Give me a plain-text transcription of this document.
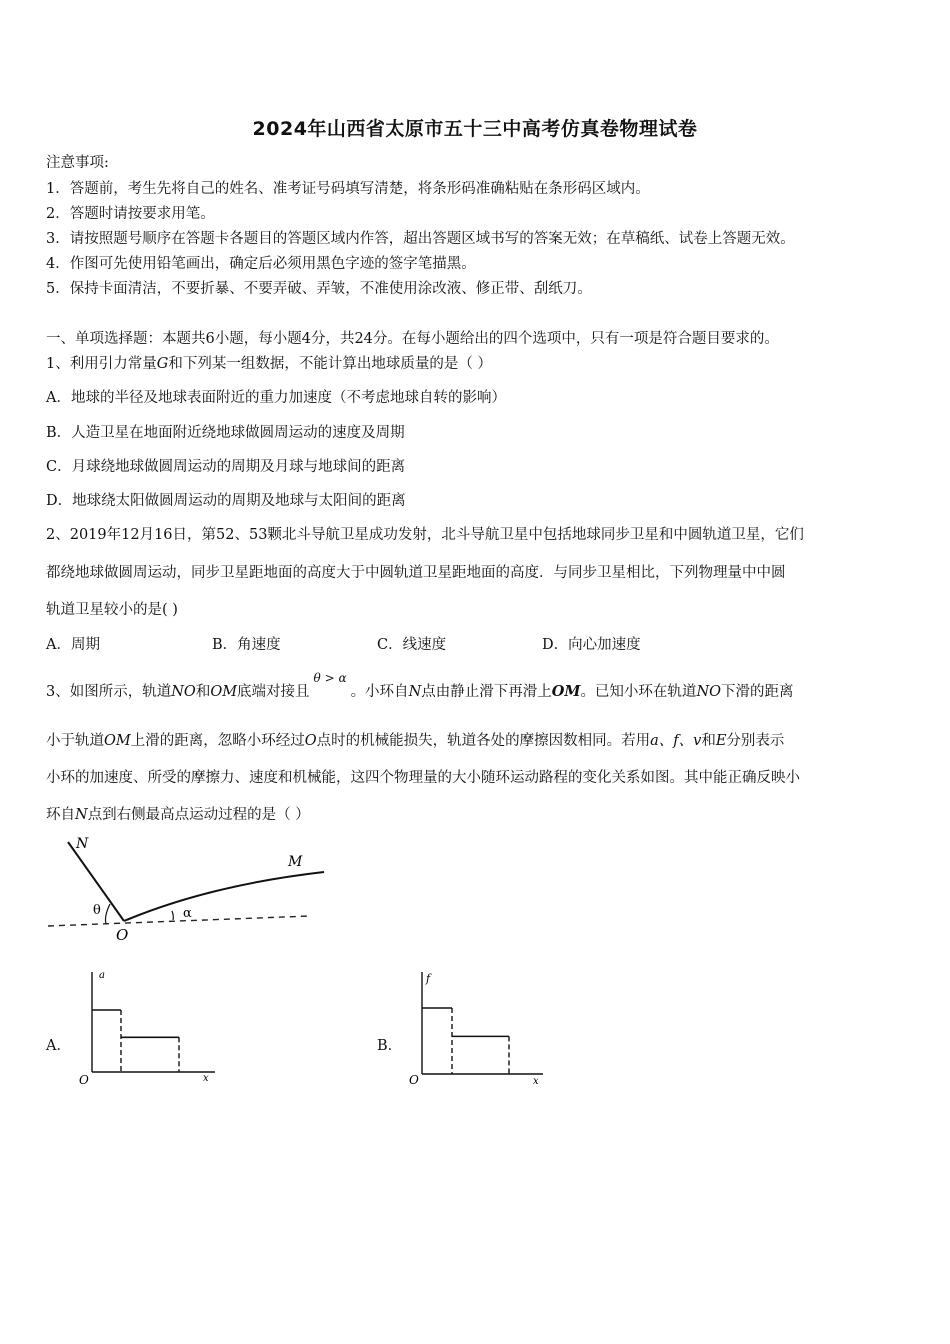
2024年山西省太原市五十三中高考仿真卷物理试卷
注意事项:
1．答题前，考生先将自己的姓名、准考证号码填写清楚，将条形码准确粘贴在条形码区域内。
2．答题时请按要求用笔。
3．请按照题号顺序在答题卡各题目的答题区域内作答，超出答题区域书写的答案无效；在草稿纸、试卷上答题无效。
4．作图可先使用铅笔画出，确定后必须用黑色字迹的签字笔描黑。
5．保持卡面清洁，不要折暴、不要弄破、弄皱，不准使用涂改液、修正带、刮纸刀。
一、单项选择题：本题共6小题，每小题4分，共24分。在每小题给出的四个选项中，只有一项是符合题目要求的。
1、利用引力常量G和下列某一组数据，不能计算出地球质量的是（ ）
A．地球的半径及地球表面附近的重力加速度（不考虑地球自转的影响）
B．人造卫星在地面附近绕地球做圆周运动的速度及周期
C．月球绕地球做圆周运动的周期及月球与地球间的距离
D．地球绕太阳做圆周运动的周期及地球与太阳间的距离
2、2019年12月16日，第52、53颗北斗导航卫星成功发射，北斗导航卫星中包括地球同步卫星和中圆轨道卫星，它们
都绕地球做圆周运动，同步卫星距地面的高度大于中圆轨道卫星距地面的高度．与同步卫星相比，下列物理量中中圆
轨道卫星较小的是( )
A．周期	B．角速度	C．线速度	D．向心加速度
3、如图所示，轨道NO和OM底端对接且$^{\theta > \alpha}$。小环自N点由静止滑下再滑上OM。已知小环在轨道NO下滑的距离
小于轨道OM上滑的距离，忽略小环经过O点时的机械能损失，轨道各处的摩擦因数相同。若用a、f、v和E分别表示
小环的加速度、所受的摩擦力、速度和机械能，这四个物理量的大小随环运动路程的变化关系如图。其中能正确反映小
环自N点到右侧最高点运动过程的是（ ）
N
M
O
θ	α
A．
a
x
O
B．
f
x
O
